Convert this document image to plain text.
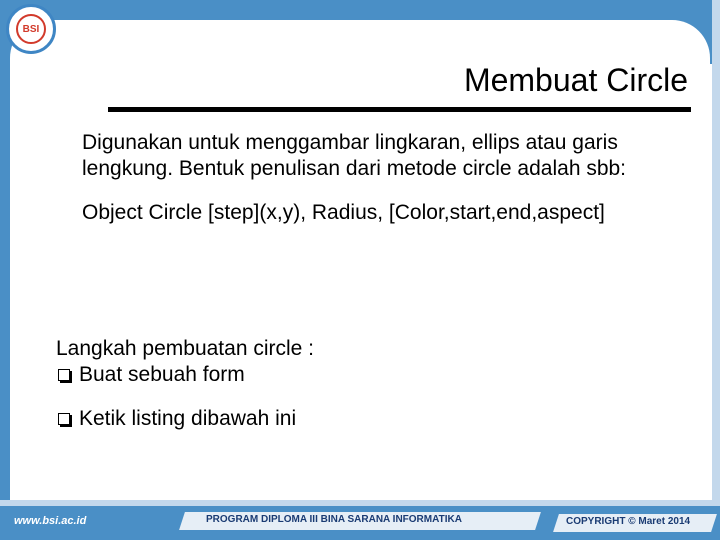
BSI
Membuat Circle

Digunakan untuk menggambar lingkaran, ellips atau garis lengkung. Bentuk penulisan dari metode circle adalah sbb:

Object Circle [step](x,y), Radius, [Color,start,end,aspect]
Langkah pembuatan circle :
Buat sebuah form
Ketik listing dibawah ini
www.bsi.ac.id	PROGRAM DIPLOMA III BINA SARANA INFORMATIKA	COPYRIGHT © Maret 2014
